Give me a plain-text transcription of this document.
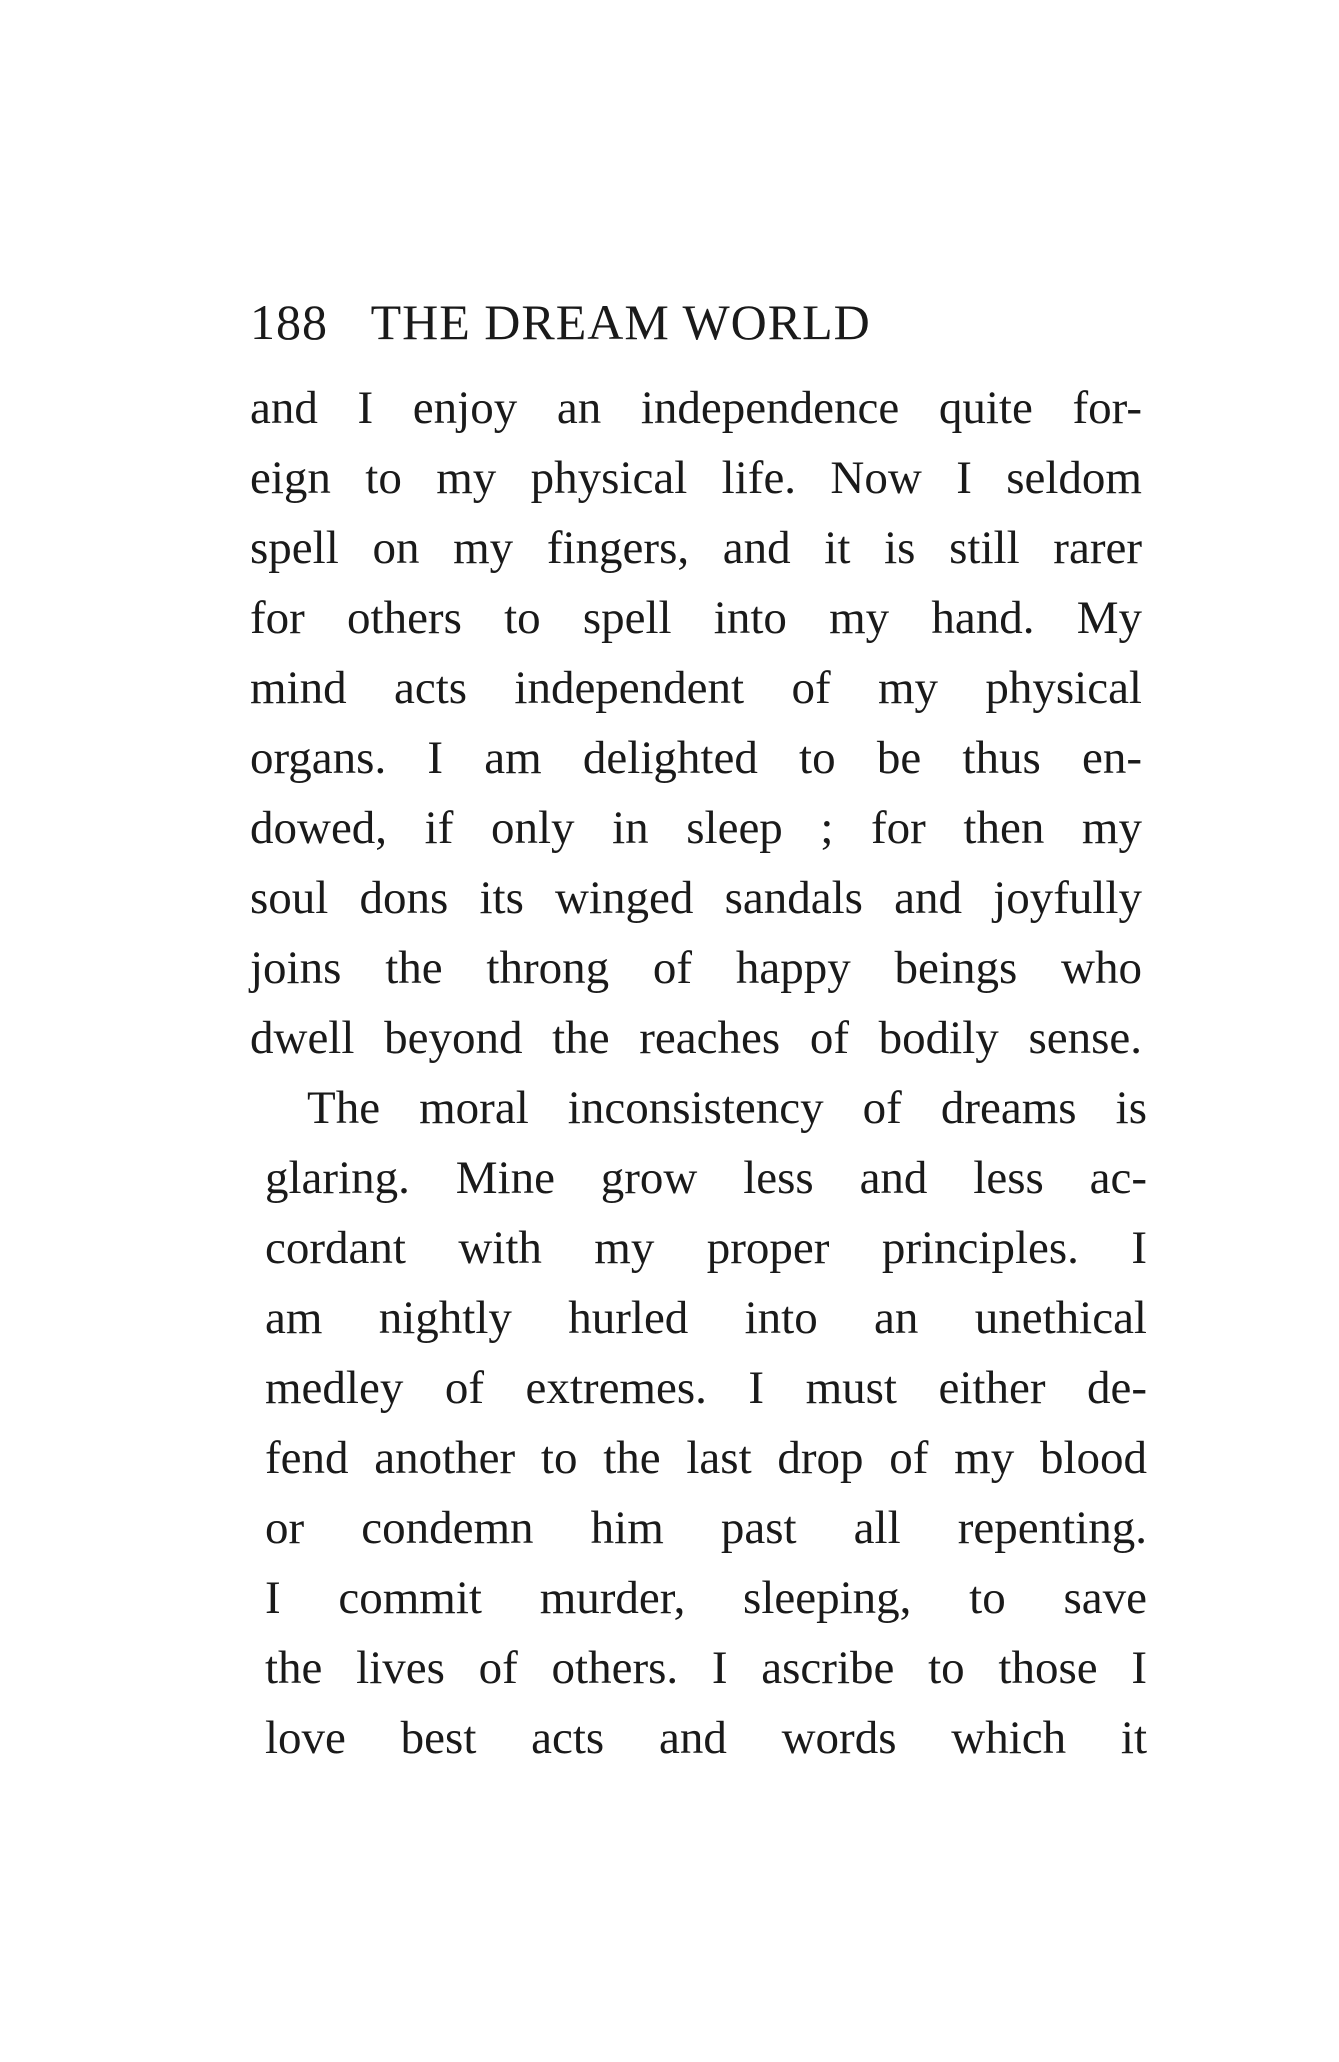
188 THE DREAM WORLD
and I enjoy an independence quite for-
eign to my physical life. Now I seldom
spell on my fingers, and it is still rarer
for others to spell into my hand. My
mind acts independent of my physical
organs. I am delighted to be thus en-
dowed, if only in sleep ; for then my
soul dons its winged sandals and joyfully
joins the throng of happy beings who
dwell beyond the reaches of bodily sense.
The moral inconsistency of dreams is
glaring. Mine grow less and less ac-
cordant with my proper principles. I
am nightly hurled into an unethical
medley of extremes. I must either de-
fend another to the last drop of my blood
or condemn him past all repenting.
I commit murder, sleeping, to save
the lives of others. I ascribe to those I
love best acts and words which it
